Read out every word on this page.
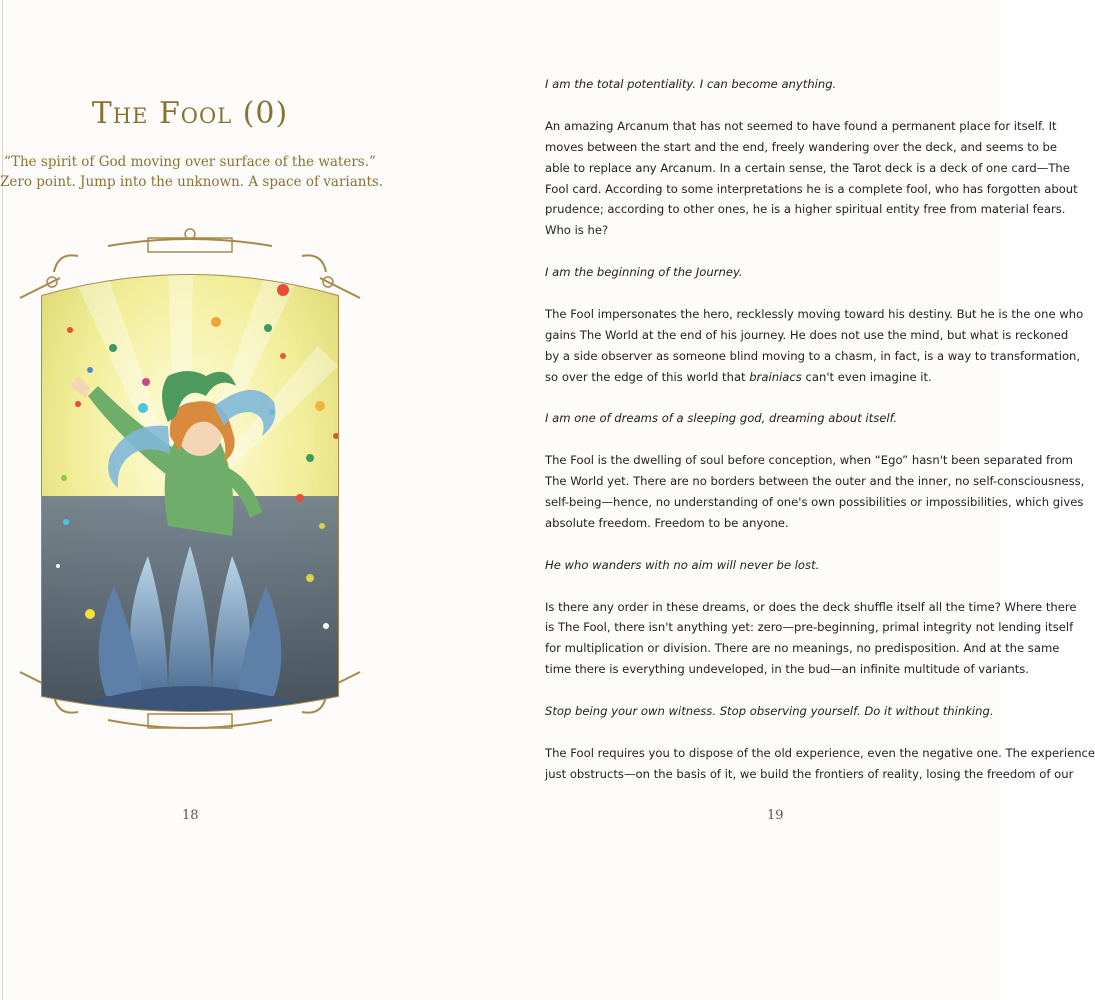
The Fool (0)
“The spirit of God moving over surface of the waters.”
Zero point. Jump into the unknown. A space of variants.
18

I am the total potentiality. I can become anything.

An amazing Arcanum that has not seemed to have found a permanent place for itself. It
moves between the start and the end, freely wandering over the deck, and seems to be
able to replace any Arcanum. In a certain sense, the Tarot deck is a deck of one card—The
Fool card. According to some interpretations he is a complete fool, who has forgotten about
prudence; according to other ones, he is a higher spiritual entity free from material fears.
Who is he?

I am the beginning of the Journey.

The Fool impersonates the hero, recklessly moving toward his destiny. But he is the one who
gains The World at the end of his journey. He does not use the mind, but what is reckoned
by a side observer as someone blind moving to a chasm, in fact, is a way to transformation,
so over the edge of this world that brainiacs can't even imagine it.

I am one of dreams of a sleeping god, dreaming about itself.

The Fool is the dwelling of soul before conception, when “Ego” hasn't been separated from
The World yet. There are no borders between the outer and the inner, no self-consciousness,
self-being—hence, no understanding of one's own possibilities or impossibilities, which gives
absolute freedom. Freedom to be anyone.

He who wanders with no aim will never be lost.

Is there any order in these dreams, or does the deck shuffle itself all the time? Where there
is The Fool, there isn't anything yet: zero—pre-beginning, primal integrity not lending itself
for multiplication or division. There are no meanings, no predisposition. And at the same
time there is everything undeveloped, in the bud—an infinite multitude of variants.

Stop being your own witness. Stop observing yourself. Do it without thinking.

The Fool requires you to dispose of the old experience, even the negative one. The experience
just obstructs—on the basis of it, we build the frontiers of reality, losing the freedom of our

19
